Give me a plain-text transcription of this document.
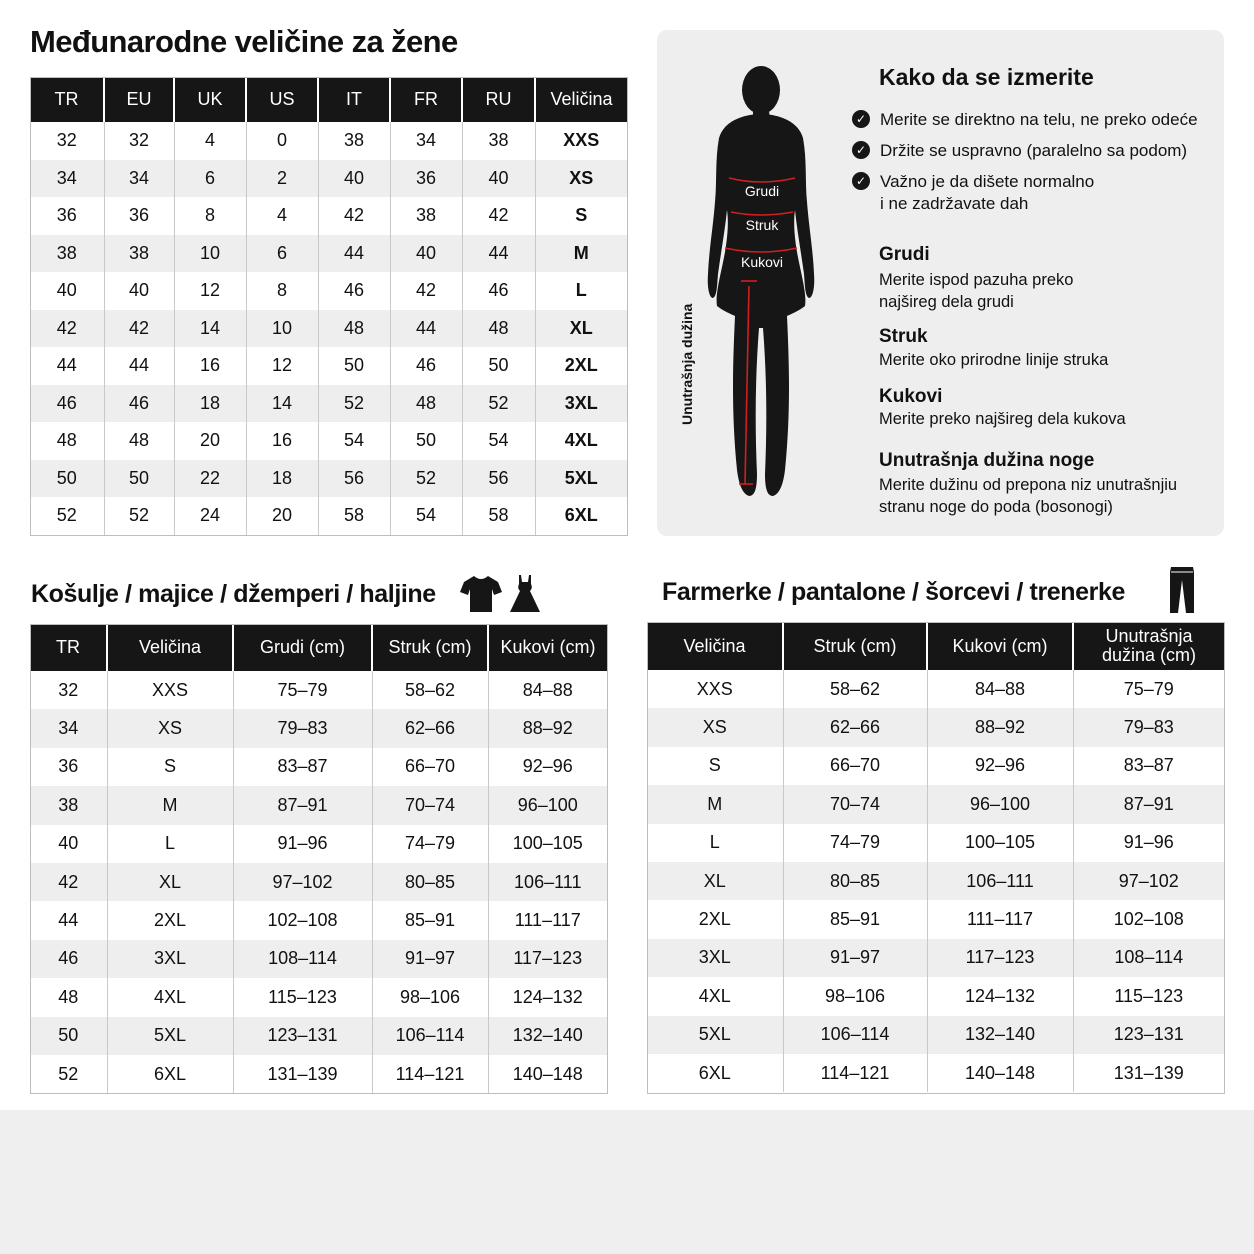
Međunarodne veličine za žene
TR	EU	UK	US	IT	FR	RU	Veličina
32	32	4	0	38	34	38	XXS
34	34	6	2	40	36	40	XS
36	36	8	4	42	38	42	S
38	38	10	6	44	40	44	M
40	40	12	8	46	42	46	L
42	42	14	10	48	44	48	XL
44	44	16	12	50	46	50	2XL
46	46	18	14	52	48	52	3XL
48	48	20	16	54	50	54	4XL
50	50	22	18	56	52	56	5XL
52	52	24	20	58	54	58	6XL
Grudi
Struk
Kukovi
Unutrašnja dužina
Kako da se izmerite
✓ Merite se direktno na telu, ne preko odeće
✓ Držite se uspravno (paralelno sa podom)
✓ Važno je da dišete normalno
i ne zadržavate dah
Grudi
Merite ispod pazuha preko
najšireg dela grudi
Struk
Merite oko prirodne linije struka
Kukovi
Merite preko najšireg dela kukova
Unutrašnja dužina noge
Merite dužinu od prepona niz unutrašnjiu
stranu noge do poda (bosonogi)
Košulje / majice / džemperi / haljine
TR	Veličina	Grudi (cm)	Struk (cm)	Kukovi (cm)
32	XXS	75–79	58–62	84–88
34	XS	79–83	62–66	88–92
36	S	83–87	66–70	92–96
38	M	87–91	70–74	96–100
40	L	91–96	74–79	100–105
42	XL	97–102	80–85	106–111
44	2XL	102–108	85–91	111–117
46	3XL	108–114	91–97	117–123
48	4XL	115–123	98–106	124–132
50	5XL	123–131	106–114	132–140
52	6XL	131–139	114–121	140–148
Farmerke / pantalone / šorcevi / trenerke
Veličina	Struk (cm)	Kukovi (cm)	Unutrašnja
dužina (cm)
XXS	58–62	84–88	75–79
XS	62–66	88–92	79–83
S	66–70	92–96	83–87
M	70–74	96–100	87–91
L	74–79	100–105	91–96
XL	80–85	106–111	97–102
2XL	85–91	111–117	102–108
3XL	91–97	117–123	108–114
4XL	98–106	124–132	115–123
5XL	106–114	132–140	123–131
6XL	114–121	140–148	131–139
